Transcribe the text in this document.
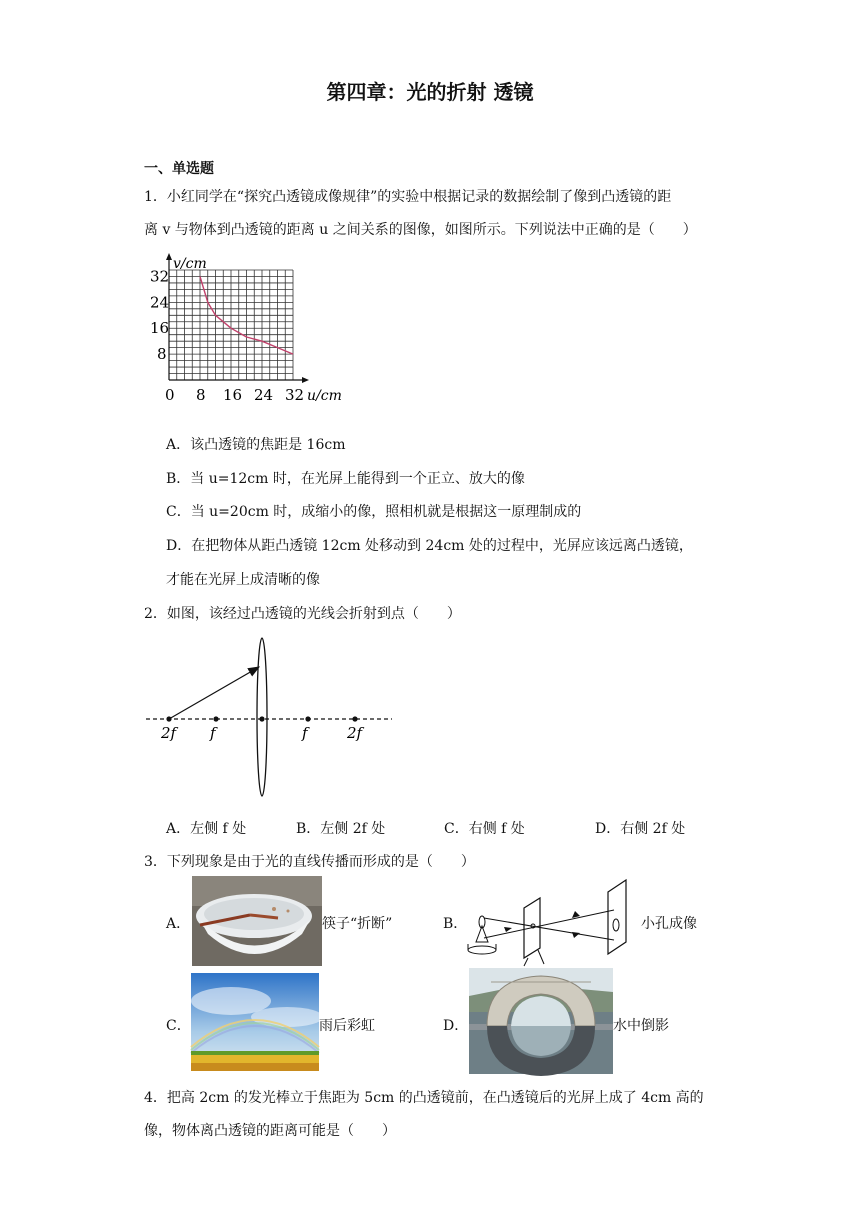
第四章：光的折射 透镜
一、单选题
1．小红同学在“探究凸透镜成像规律”的实验中根据记录的数据绘制了像到凸透镜的距
离 v 与物体到凸透镜的距离 u 之间关系的图像，如图所示。下列说法中正确的是（　　）
0 8 16 24 32
8
16
24
32
v/cm
u/cm
A．该凸透镜的焦距是 16cm
B．当 u=12cm 时，在光屏上能得到一个正立、放大的像
C．当 u=20cm 时，成缩小的像，照相机就是根据这一原理制成的
D．在把物体从距凸透镜 12cm 处移动到 24cm 处的过程中，光屏应该远离凸透镜，
才能在光屏上成清晰的像
2．如图，该经过凸透镜的光线会折射到点（　　）
2f f	f	2f
A．左侧 f 处	B．左侧 2f 处	C．右侧 f 处	D．右侧 2f 处
3．下列现象是由于光的直线传播而形成的是（　　）
A．	筷子“折断”	B．	小孔成像
C．	雨后彩虹	D．	水中倒影
4．把高 2cm 的发光棒立于焦距为 5cm 的凸透镜前，在凸透镜后的光屏上成了 4cm 高的
像，物体离凸透镜的距离可能是（　　）
